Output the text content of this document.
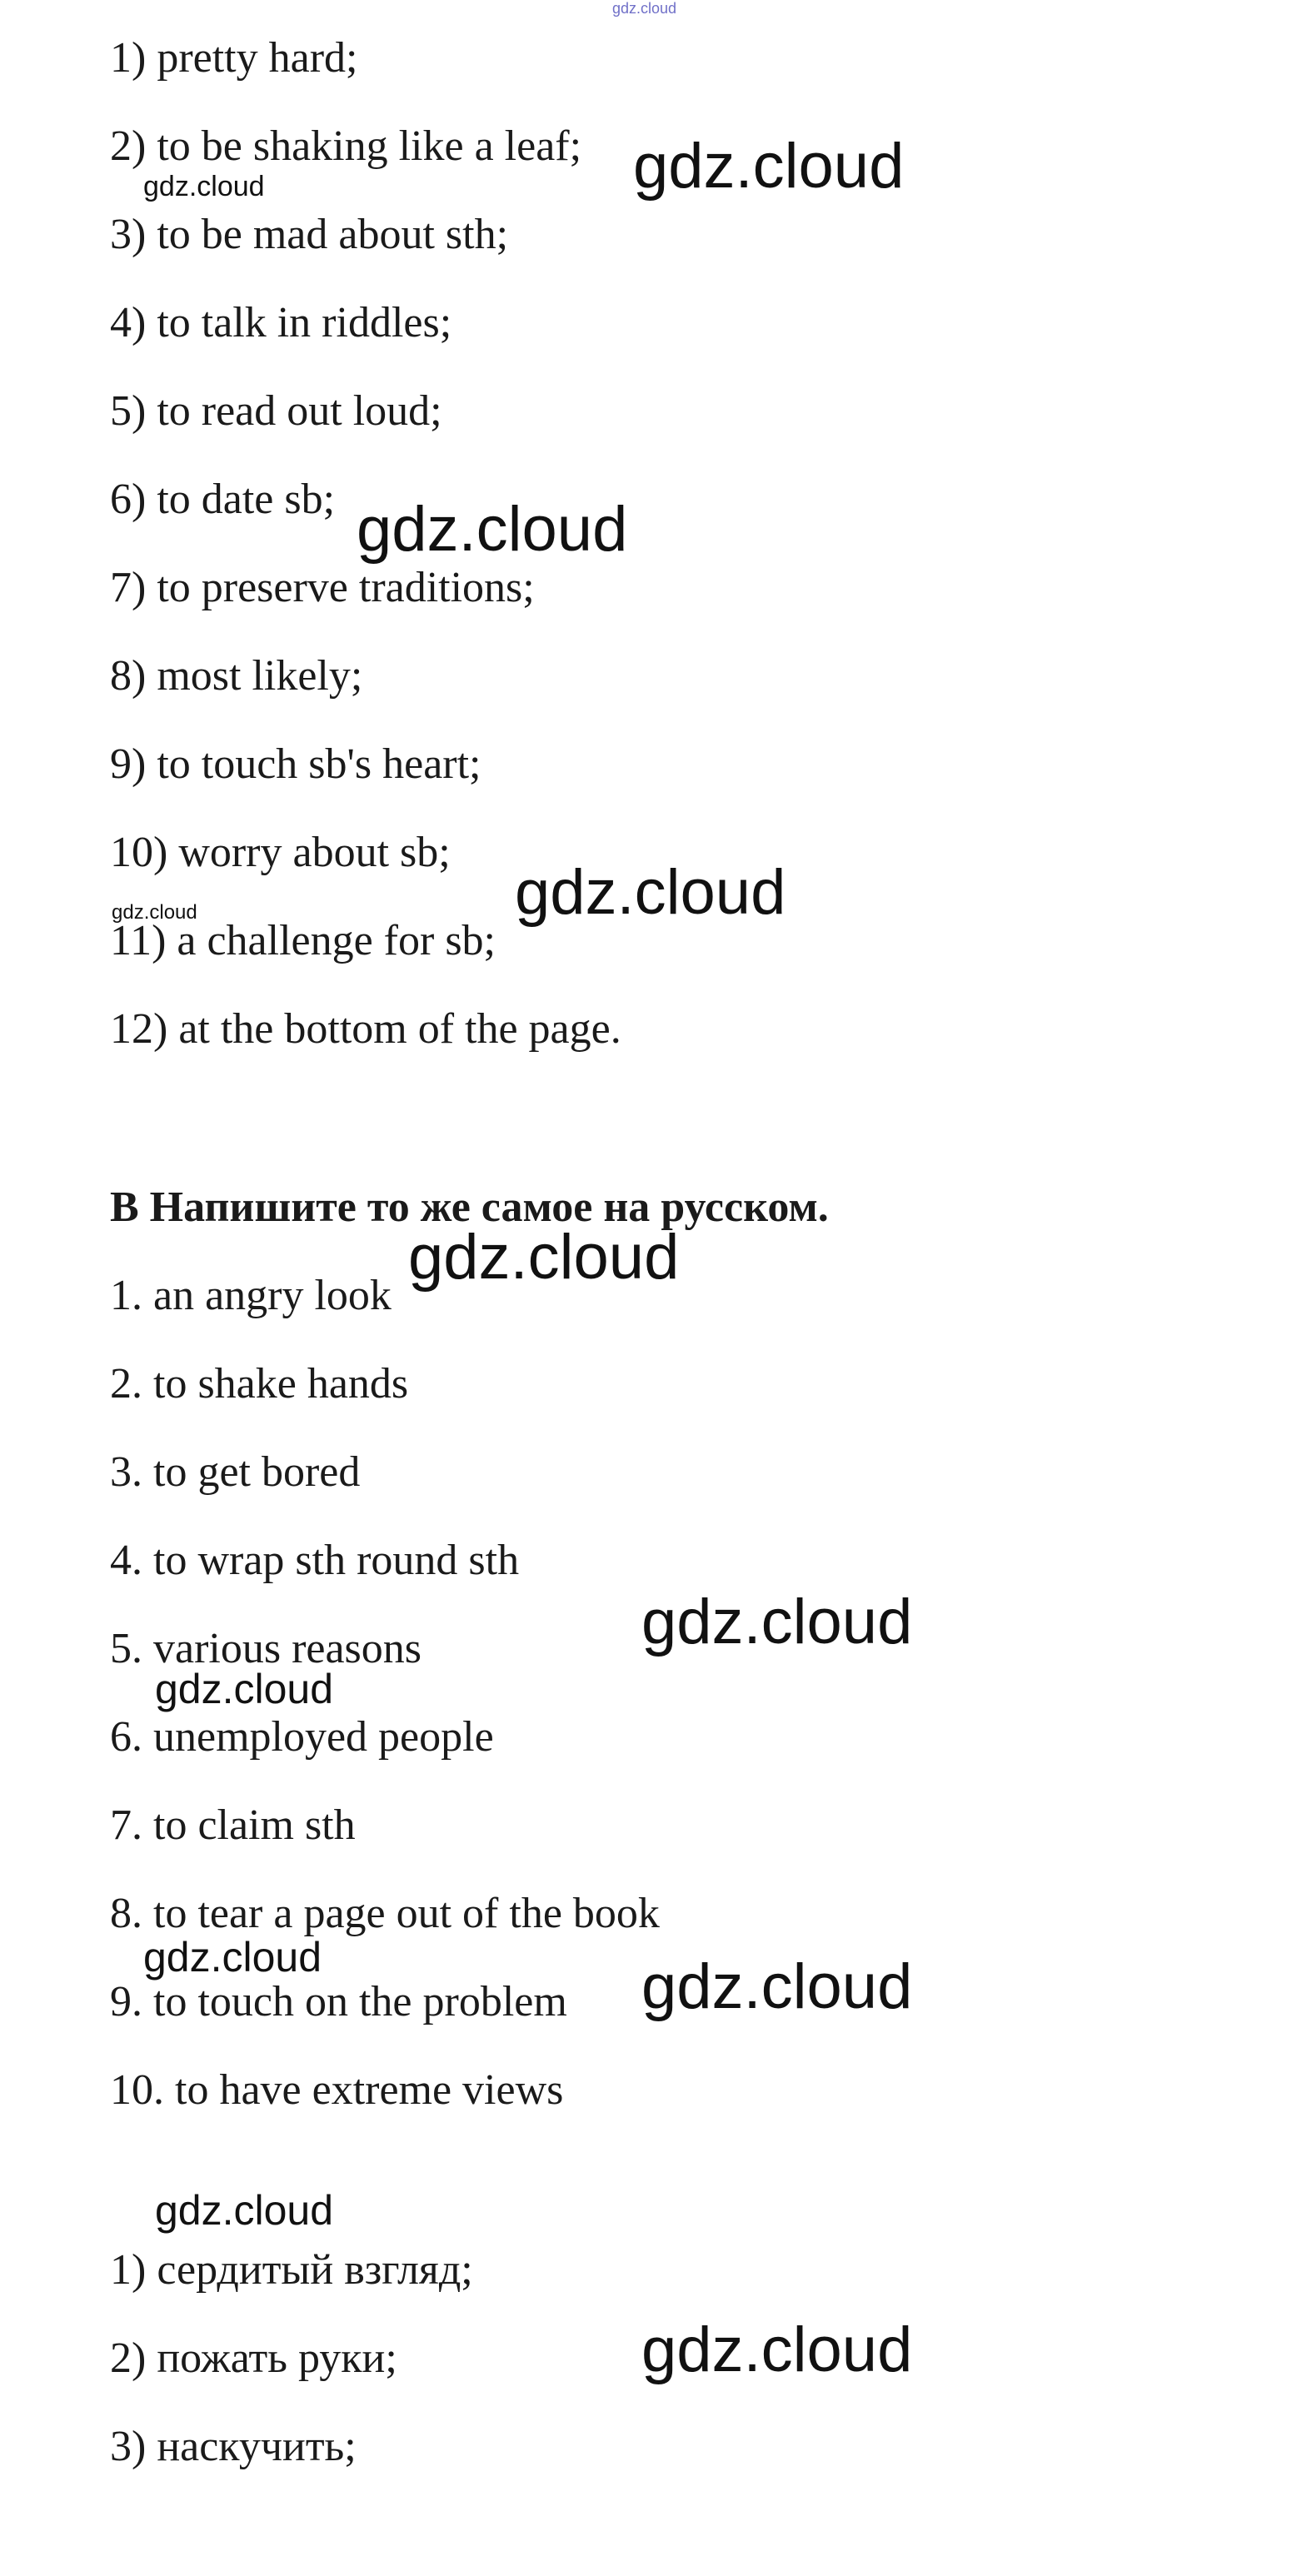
gdz.cloud
1) pretty hard;
2) to be shaking like a leaf;
3) to be mad about sth;
4) to talk in riddles;
5) to read out loud;
6) to date sb;
7) to preserve traditions;
8) most likely;
9) to touch sb's heart;
10) worry about sb;
11) a challenge for sb;
12) at the bottom of the page.
B Напишите то же самое на русском.
1. an angry look
2. to shake hands
3. to get bored
4. to wrap sth round sth
5. various reasons
6. unemployed people
7. to claim sth
8. to tear a page out of the book
9. to touch on the problem
10. to have extreme views
1) сердитый взгляд;
2) пожать руки;
3) наскучить;
gdz.cloud
gdz.cloud
gdz.cloud
gdz.cloud
gdz.cloud
gdz.cloud
gdz.cloud
gdz.cloud
gdz.cloud	gdz.cloud
gdz.cloud
gdz.cloud
